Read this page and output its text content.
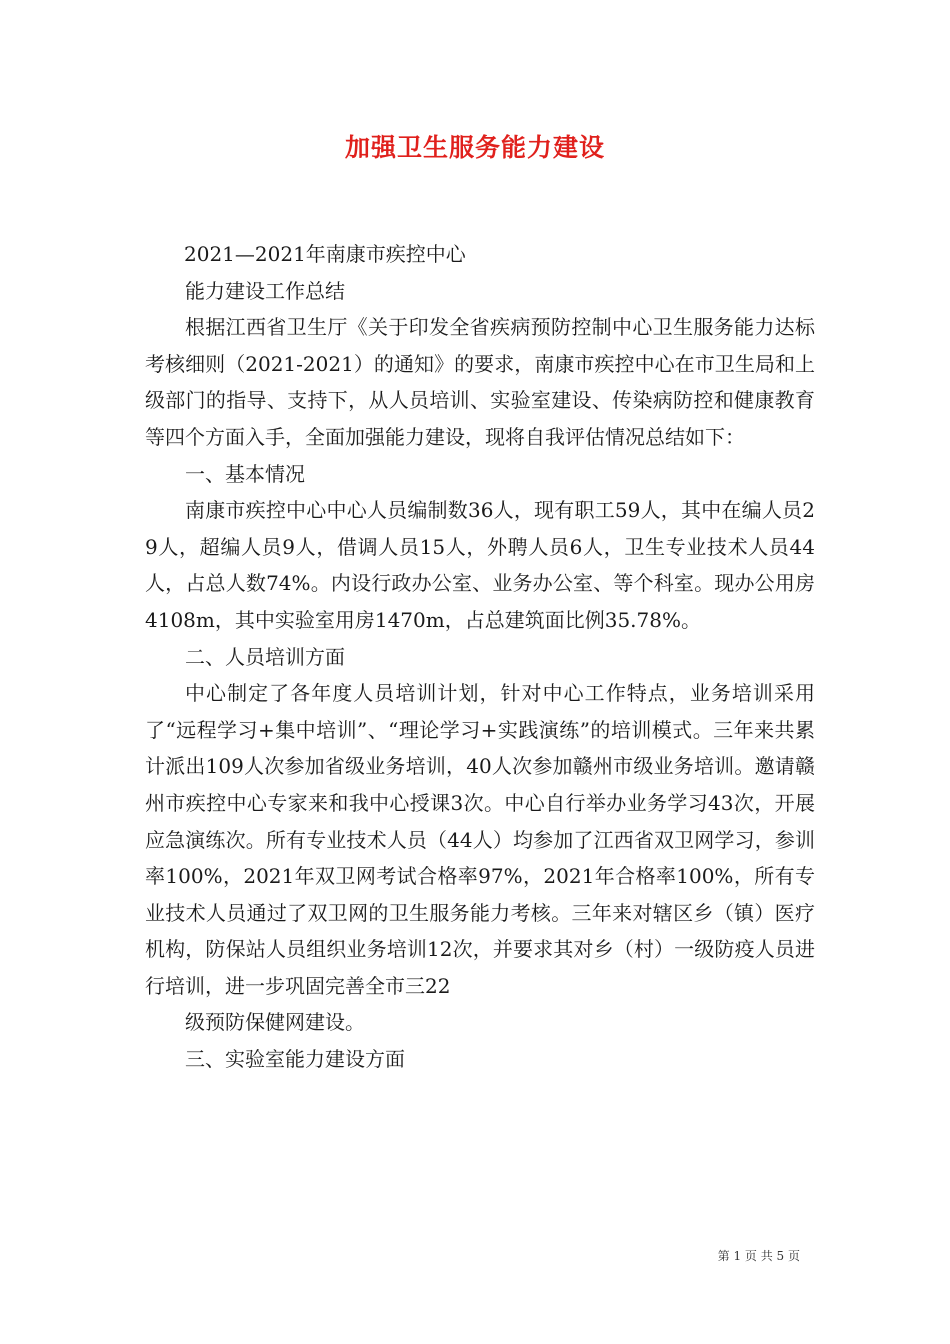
加强卫生服务能力建设

2021—2021年南康市疾控中心

能力建设工作总结

根据江西省卫生厅《关于印发全省疾病预防控制中心卫生服务能力达标考核细则（2021-2021）的通知》的要求，南康市疾控中心在市卫生局和上级部门的指导、支持下，从人员培训、实验室建设、传染病防控和健康教育等四个方面入手，全面加强能力建设，现将自我评估情况总结如下：

一、基本情况

南康市疾控中心中心人员编制数36人，现有职工59人，其中在编人员29人，超编人员9人，借调人员15人，外聘人员6人，卫生专业技术人员44人，占总人数74%。内设行政办公室、业务办公室、等个科室。现办公用房4108m，其中实验室用房1470m，占总建筑面比例35.78%。

二、人员培训方面

中心制定了各年度人员培训计划，针对中心工作特点，业务培训采用了“远程学习+集中培训”、“理论学习+实践演练”的培训模式。三年来共累计派出109人次参加省级业务培训，40人次参加赣州市级业务培训。邀请赣州市疾控中心专家来和我中心授课3次。中心自行举办业务学习43次，开展应急演练次。所有专业技术人员（44人）均参加了江西省双卫网学习，参训率100%，2021年双卫网考试合格率97%，2021年合格率100%，所有专业技术人员通过了双卫网的卫生服务能力考核。三年来对辖区乡（镇）医疗机构，防保站人员组织业务培训12次，并要求其对乡（村）一级防疫人员进行培训，进一步巩固完善全市三22

级预防保健网建设。

三、实验室能力建设方面

第 1 页 共 5 页
